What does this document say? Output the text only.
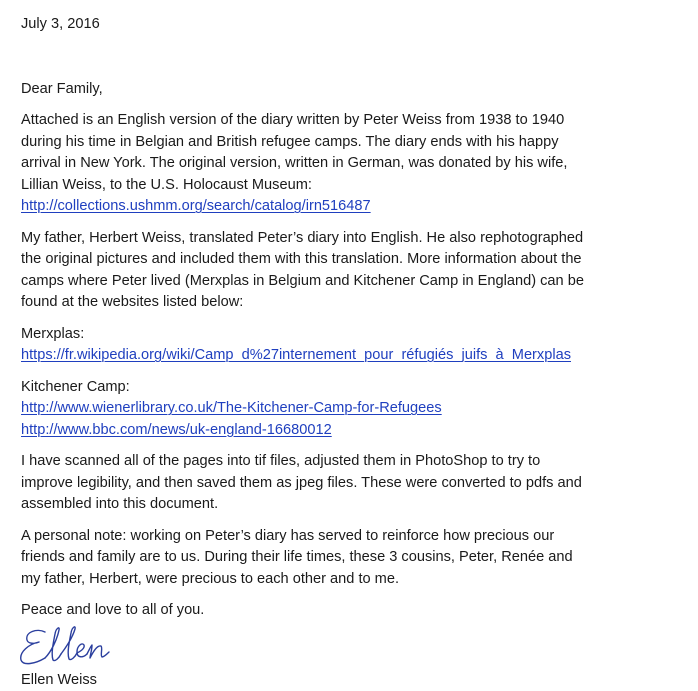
July 3, 2016
Dear Family,

Attached is an English version of the diary written by Peter Weiss from 1938 to 1940
during his time in Belgian and British refugee camps. The diary ends with his happy
arrival in New York. The original version, written in German, was donated by his wife,
Lillian Weiss, to the U.S. Holocaust Museum:
http://collections.ushmm.org/search/catalog/irn516487

My father, Herbert Weiss, translated Peter’s diary into English. He also rephotographed
the original pictures and included them with this translation. More information about the
camps where Peter lived (Merxplas in Belgium and Kitchener Camp in England) can be
found at the websites listed below:

Merxplas:
https://fr.wikipedia.org/wiki/Camp_d%27internement_pour_réfugiés_juifs_à_Merxplas
Kitchener Camp:
http://www.wienerlibrary.co.uk/The-Kitchener-Camp-for-Refugees
http://www.bbc.com/news/uk-england-16680012

I have scanned all of the pages into tif files, adjusted them in PhotoShop to try to
improve legibility, and then saved them as jpeg files. These were converted to pdfs and
assembled into this document.

A personal note: working on Peter’s diary has served to reinforce how precious our
friends and family are to us. During their life times, these 3 cousins, Peter, Renée and
my father, Herbert, were precious to each other and to me.

Peace and love to all of you.

Ellen Weiss
